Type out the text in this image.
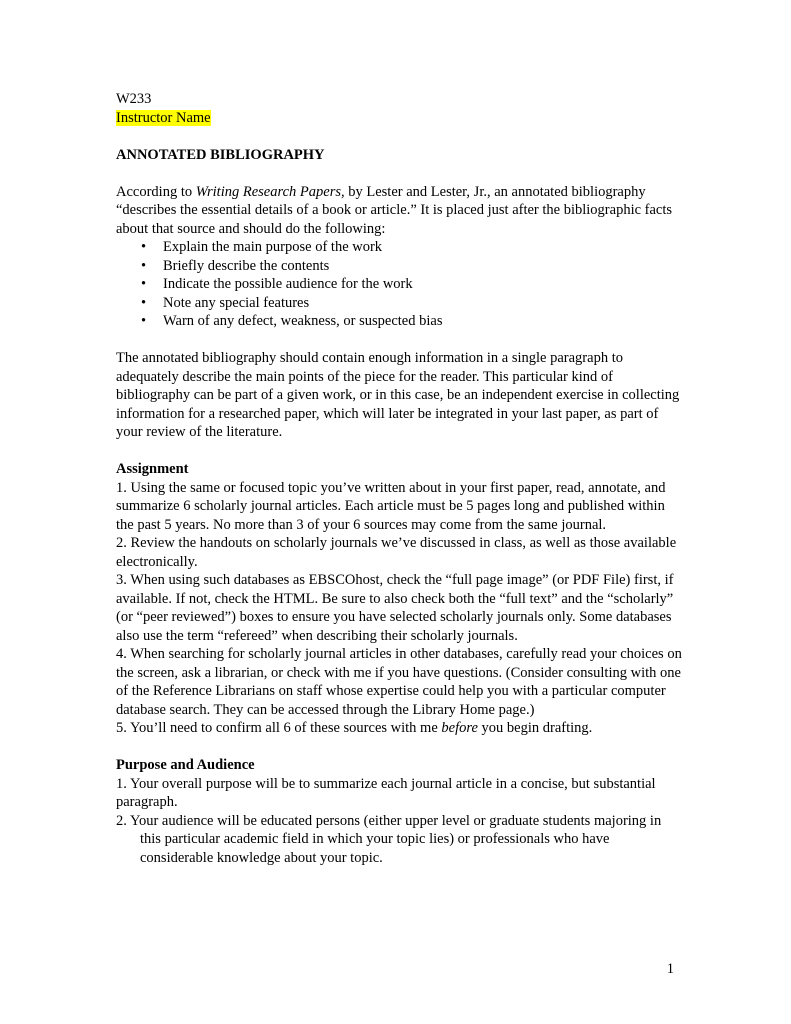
W233

Instructor Name

ANNOTATED BIBLIOGRAPHY

According to Writing Research Papers, by Lester and Lester, Jr., an annotated bibliography “describes the essential details of a book or article.” It is placed just after the bibliographic facts about that source and should do the following:

• Explain the main purpose of the work
• Briefly describe the contents
• Indicate the possible audience for the work
• Note any special features
• Warn of any defect, weakness, or suspected bias

The annotated bibliography should contain enough information in a single paragraph to adequately describe the main points of the piece for the reader. This particular kind of bibliography can be part of a given work, or in this case, be an independent exercise in collecting information for a researched paper, which will later be integrated in your last paper, as part of your review of the literature.

Assignment

1. Using the same or focused topic you’ve written about in your first paper, read, annotate, and summarize 6 scholarly journal articles. Each article must be 5 pages long and published within the past 5 years. No more than 3 of your 6 sources may come from the same journal.

2. Review the handouts on scholarly journals we’ve discussed in class, as well as those available electronically.

3. When using such databases as EBSCOhost, check the “full page image” (or PDF File) first, if available. If not, check the HTML. Be sure to also check both the “full text” and the “scholarly” (or “peer reviewed”) boxes to ensure you have selected scholarly journals only. Some databases also use the term “refereed” when describing their scholarly journals.

4. When searching for scholarly journal articles in other databases, carefully read your choices on the screen, ask a librarian, or check with me if you have questions. (Consider consulting with one of the Reference Librarians on staff whose expertise could help you with a particular computer database search. They can be accessed through the Library Home page.)

5. You’ll need to confirm all 6 of these sources with me before you begin drafting.

Purpose and Audience

1. Your overall purpose will be to summarize each journal article in a concise, but substantial paragraph.

2. Your audience will be educated persons (either upper level or graduate students majoring in this particular academic field in which your topic lies) or professionals who have considerable knowledge about your topic.

1
